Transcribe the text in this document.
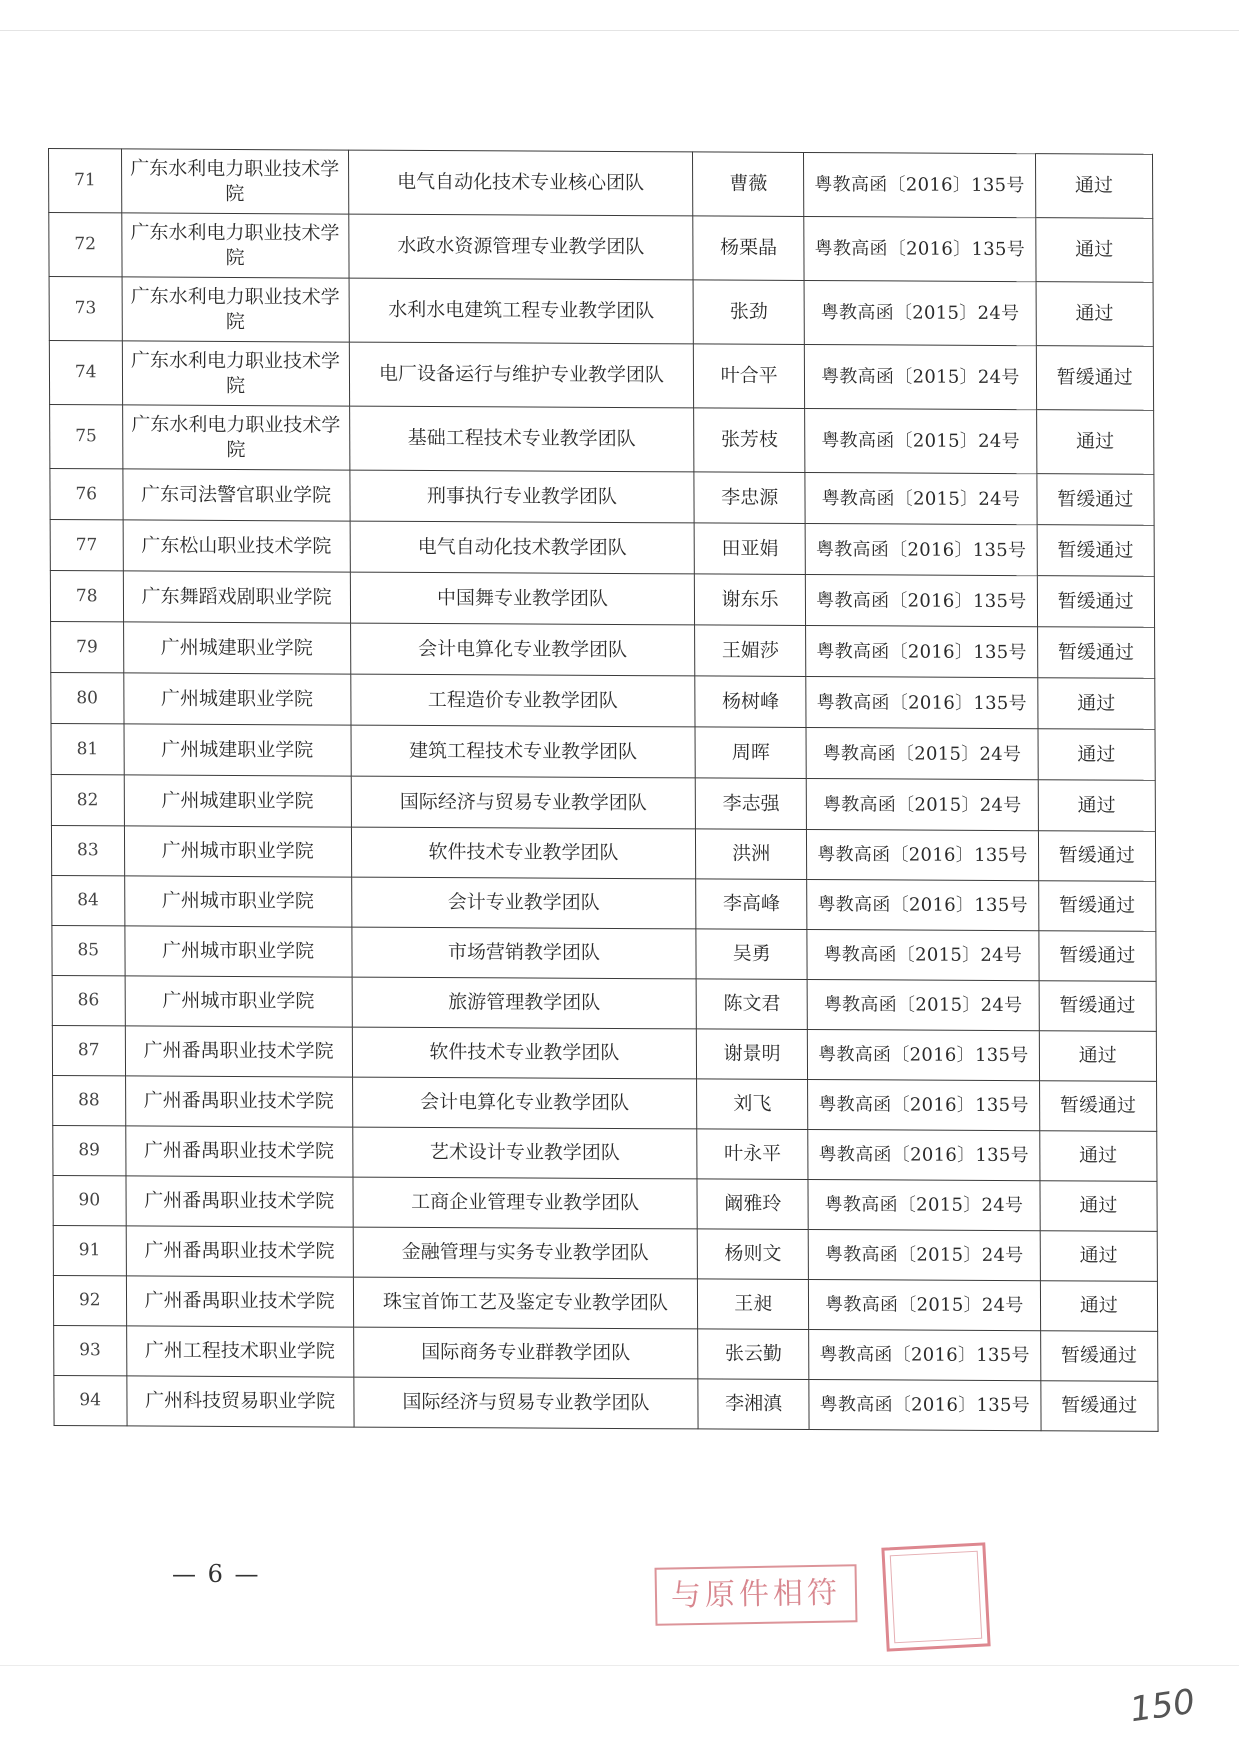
71	广东水利电力职业技术学院	电气自动化技术专业核心团队	曹薇	粤教高函〔2016〕135号	通过
72	广东水利电力职业技术学院	水政水资源管理专业教学团队	杨栗晶	粤教高函〔2016〕135号	通过
73	广东水利电力职业技术学院	水利水电建筑工程专业教学团队	张劲	粤教高函〔2015〕24号	通过
74	广东水利电力职业技术学院	电厂设备运行与维护专业教学团队	叶合平	粤教高函〔2015〕24号	暂缓通过
75	广东水利电力职业技术学院	基础工程技术专业教学团队	张芳枝	粤教高函〔2015〕24号	通过
76	广东司法警官职业学院	刑事执行专业教学团队	李忠源	粤教高函〔2015〕24号	暂缓通过
77	广东松山职业技术学院	电气自动化技术教学团队	田亚娟	粤教高函〔2016〕135号	暂缓通过
78	广东舞蹈戏剧职业学院	中国舞专业教学团队	谢东乐	粤教高函〔2016〕135号	暂缓通过
79	广州城建职业学院	会计电算化专业教学团队	王媚莎	粤教高函〔2016〕135号	暂缓通过
80	广州城建职业学院	工程造价专业教学团队	杨树峰	粤教高函〔2016〕135号	通过
81	广州城建职业学院	建筑工程技术专业教学团队	周晖	粤教高函〔2015〕24号	通过
82	广州城建职业学院	国际经济与贸易专业教学团队	李志强	粤教高函〔2015〕24号	通过
83	广州城市职业学院	软件技术专业教学团队	洪洲	粤教高函〔2016〕135号	暂缓通过
84	广州城市职业学院	会计专业教学团队	李高峰	粤教高函〔2016〕135号	暂缓通过
85	广州城市职业学院	市场营销教学团队	吴勇	粤教高函〔2015〕24号	暂缓通过
86	广州城市职业学院	旅游管理教学团队	陈文君	粤教高函〔2015〕24号	暂缓通过
87	广州番禺职业技术学院	软件技术专业教学团队	谢景明	粤教高函〔2016〕135号	通过
88	广州番禺职业技术学院	会计电算化专业教学团队	刘飞	粤教高函〔2016〕135号	暂缓通过
89	广州番禺职业技术学院	艺术设计专业教学团队	叶永平	粤教高函〔2016〕135号	通过
90	广州番禺职业技术学院	工商企业管理专业教学团队	阚雅玲	粤教高函〔2015〕24号	通过
91	广州番禺职业技术学院	金融管理与实务专业教学团队	杨则文	粤教高函〔2015〕24号	通过
92	广州番禺职业技术学院	珠宝首饰工艺及鉴定专业教学团队	王昶	粤教高函〔2015〕24号	通过
93	广州工程技术职业学院	国际商务专业群教学团队	张云勤	粤教高函〔2016〕135号	暂缓通过
94	广州科技贸易职业学院	国际经济与贸易专业教学团队	李湘滇	粤教高函〔2016〕135号	暂缓通过
— 6 —
与原件相符
150
